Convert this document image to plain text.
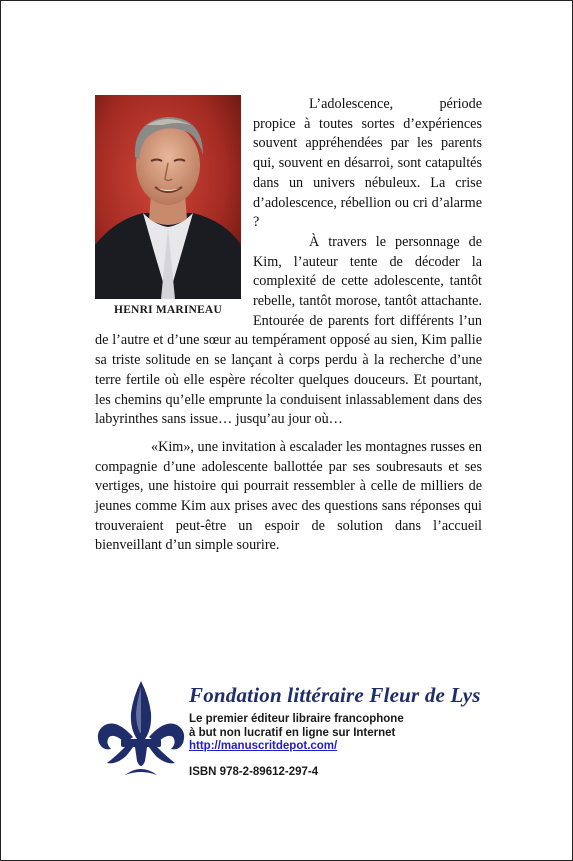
HENRI MARINEAU

L’adolescence, période propice à toutes sortes d’expériences souvent appréhendées par les parents qui, souvent en désarroi, sont catapultés dans un univers nébuleux. La crise d’adolescence, rébellion ou cri d’alarme ?

À travers le personnage de Kim, l’auteur tente de décoder la complexité de cette adolescente, tantôt rebelle, tantôt morose, tantôt attachante. Entourée de parents fort différents l’un de l’autre et d’une sœur au tempérament opposé au sien, Kim pallie sa triste solitude en se lançant à corps perdu à la recherche d’une terre fertile où elle espère récolter quelques douceurs. Et pourtant, les chemins qu’elle emprunte la conduisent inlassablement dans des labyrinthes sans issue… jusqu’au jour où…

«Kim», une invitation à escalader les montagnes russes en compagnie d’une adolescente ballottée par ses soubresauts et ses vertiges, une histoire qui pourrait ressembler à celle de milliers de jeunes comme Kim aux prises avec des questions sans réponses qui trouveraient peut-être un espoir de solution dans l’accueil bienveillant d’un simple sourire.

Fondation littéraire Fleur de Lys
Le premier éditeur libraire francophone
à but non lucratif en ligne sur Internet
http://manuscritdepot.com/
ISBN 978-2-89612-297-4
